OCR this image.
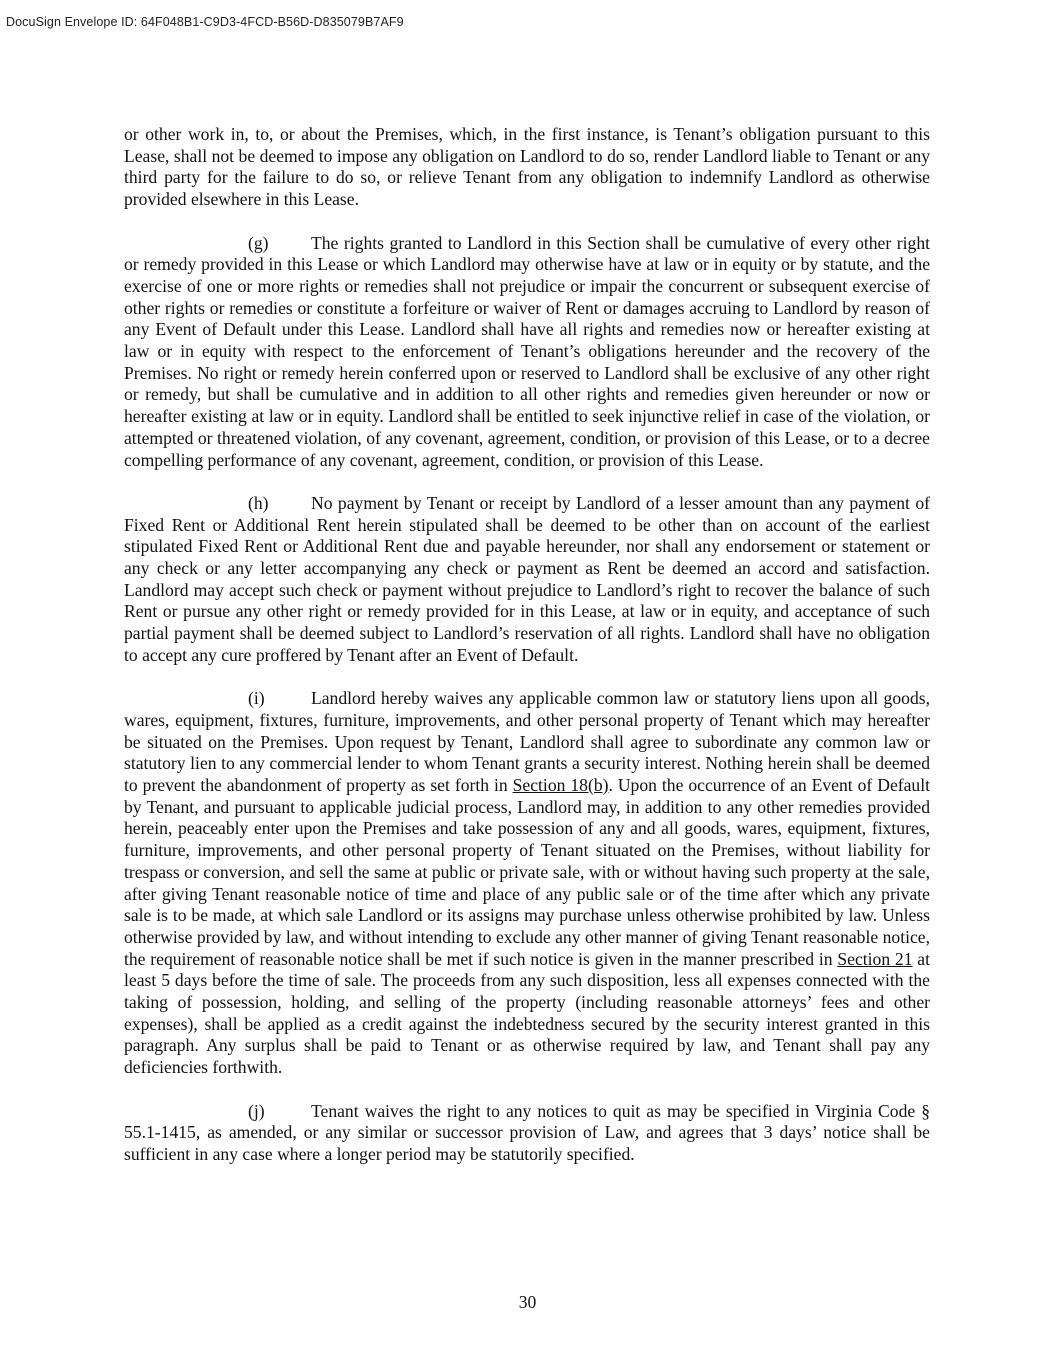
DocuSign Envelope ID: 64F048B1-C9D3-4FCD-B56D-D835079B7AF9

or other work in, to, or about the Premises, which, in the first instance, is Tenant’s obligation pursuant to this Lease, shall not be deemed to impose any obligation on Landlord to do so, render Landlord liable to Tenant or any third party for the failure to do so, or relieve Tenant from any obligation to indemnify Landlord as otherwise provided elsewhere in this Lease.

(g) The rights granted to Landlord in this Section shall be cumulative of every other right or remedy provided in this Lease or which Landlord may otherwise have at law or in equity or by statute, and the exercise of one or more rights or remedies shall not prejudice or impair the concurrent or subsequent exercise of other rights or remedies or constitute a forfeiture or waiver of Rent or damages accruing to Landlord by reason of any Event of Default under this Lease. Landlord shall have all rights and remedies now or hereafter existing at law or in equity with respect to the enforcement of Tenant’s obligations hereunder and the recovery of the Premises. No right or remedy herein conferred upon or reserved to Landlord shall be exclusive of any other right or remedy, but shall be cumulative and in addition to all other rights and remedies given hereunder or now or hereafter existing at law or in equity. Landlord shall be entitled to seek injunctive relief in case of the violation, or attempted or threatened violation, of any covenant, agreement, condition, or provision of this Lease, or to a decree compelling performance of any covenant, agreement, condition, or provision of this Lease.

(h) No payment by Tenant or receipt by Landlord of a lesser amount than any payment of Fixed Rent or Additional Rent herein stipulated shall be deemed to be other than on account of the earliest stipulated Fixed Rent or Additional Rent due and payable hereunder, nor shall any endorsement or statement or any check or any letter accompanying any check or payment as Rent be deemed an accord and satisfaction. Landlord may accept such check or payment without prejudice to Landlord’s right to recover the balance of such Rent or pursue any other right or remedy provided for in this Lease, at law or in equity, and acceptance of such partial payment shall be deemed subject to Landlord’s reservation of all rights. Landlord shall have no obligation to accept any cure proffered by Tenant after an Event of Default.

(i)	Landlord hereby waives any applicable common law or statutory liens upon all goods, wares, equipment, fixtures, furniture, improvements, and other personal property of Tenant which may hereafter be situated on the Premises. Upon request by Tenant, Landlord shall agree to subordinate any common law or statutory lien to any commercial lender to whom Tenant grants a security interest. Nothing herein shall be deemed to prevent the abandonment of property as set forth in Section 18(b). Upon the occurrence of an Event of Default by Tenant, and pursuant to applicable judicial process, Landlord may, in addition to any other remedies provided herein, peaceably enter upon the Premises and take possession of any and all goods, wares, equipment, fixtures, furniture, improvements, and other personal property of Tenant situated on the Premises, without liability for trespass or conversion, and sell the same at public or private sale, with or without having such property at the sale, after giving Tenant reasonable notice of time and place of any public sale or of the time after which any private sale is to be made, at which sale Landlord or its assigns may purchase unless otherwise prohibited by law. Unless otherwise provided by law, and without intending to exclude any other manner of giving Tenant reasonable notice, the requirement of reasonable notice shall be met if such notice is given in the manner prescribed in Section 21 at least 5 days before the time of sale. The proceeds from any such disposition, less all expenses connected with the taking of possession, holding, and selling of the property (including reasonable attorneys’ fees and other expenses), shall be applied as a credit against the indebtedness secured by the security interest granted in this paragraph. Any surplus shall be paid to Tenant or as otherwise required by law, and Tenant shall pay any deficiencies forthwith.

(j)	Tenant waives the right to any notices to quit as may be specified in Virginia Code § 55.1-1415, as amended, or any similar or successor provision of Law, and agrees that 3 days’ notice shall be sufficient in any case where a longer period may be statutorily specified.

30
